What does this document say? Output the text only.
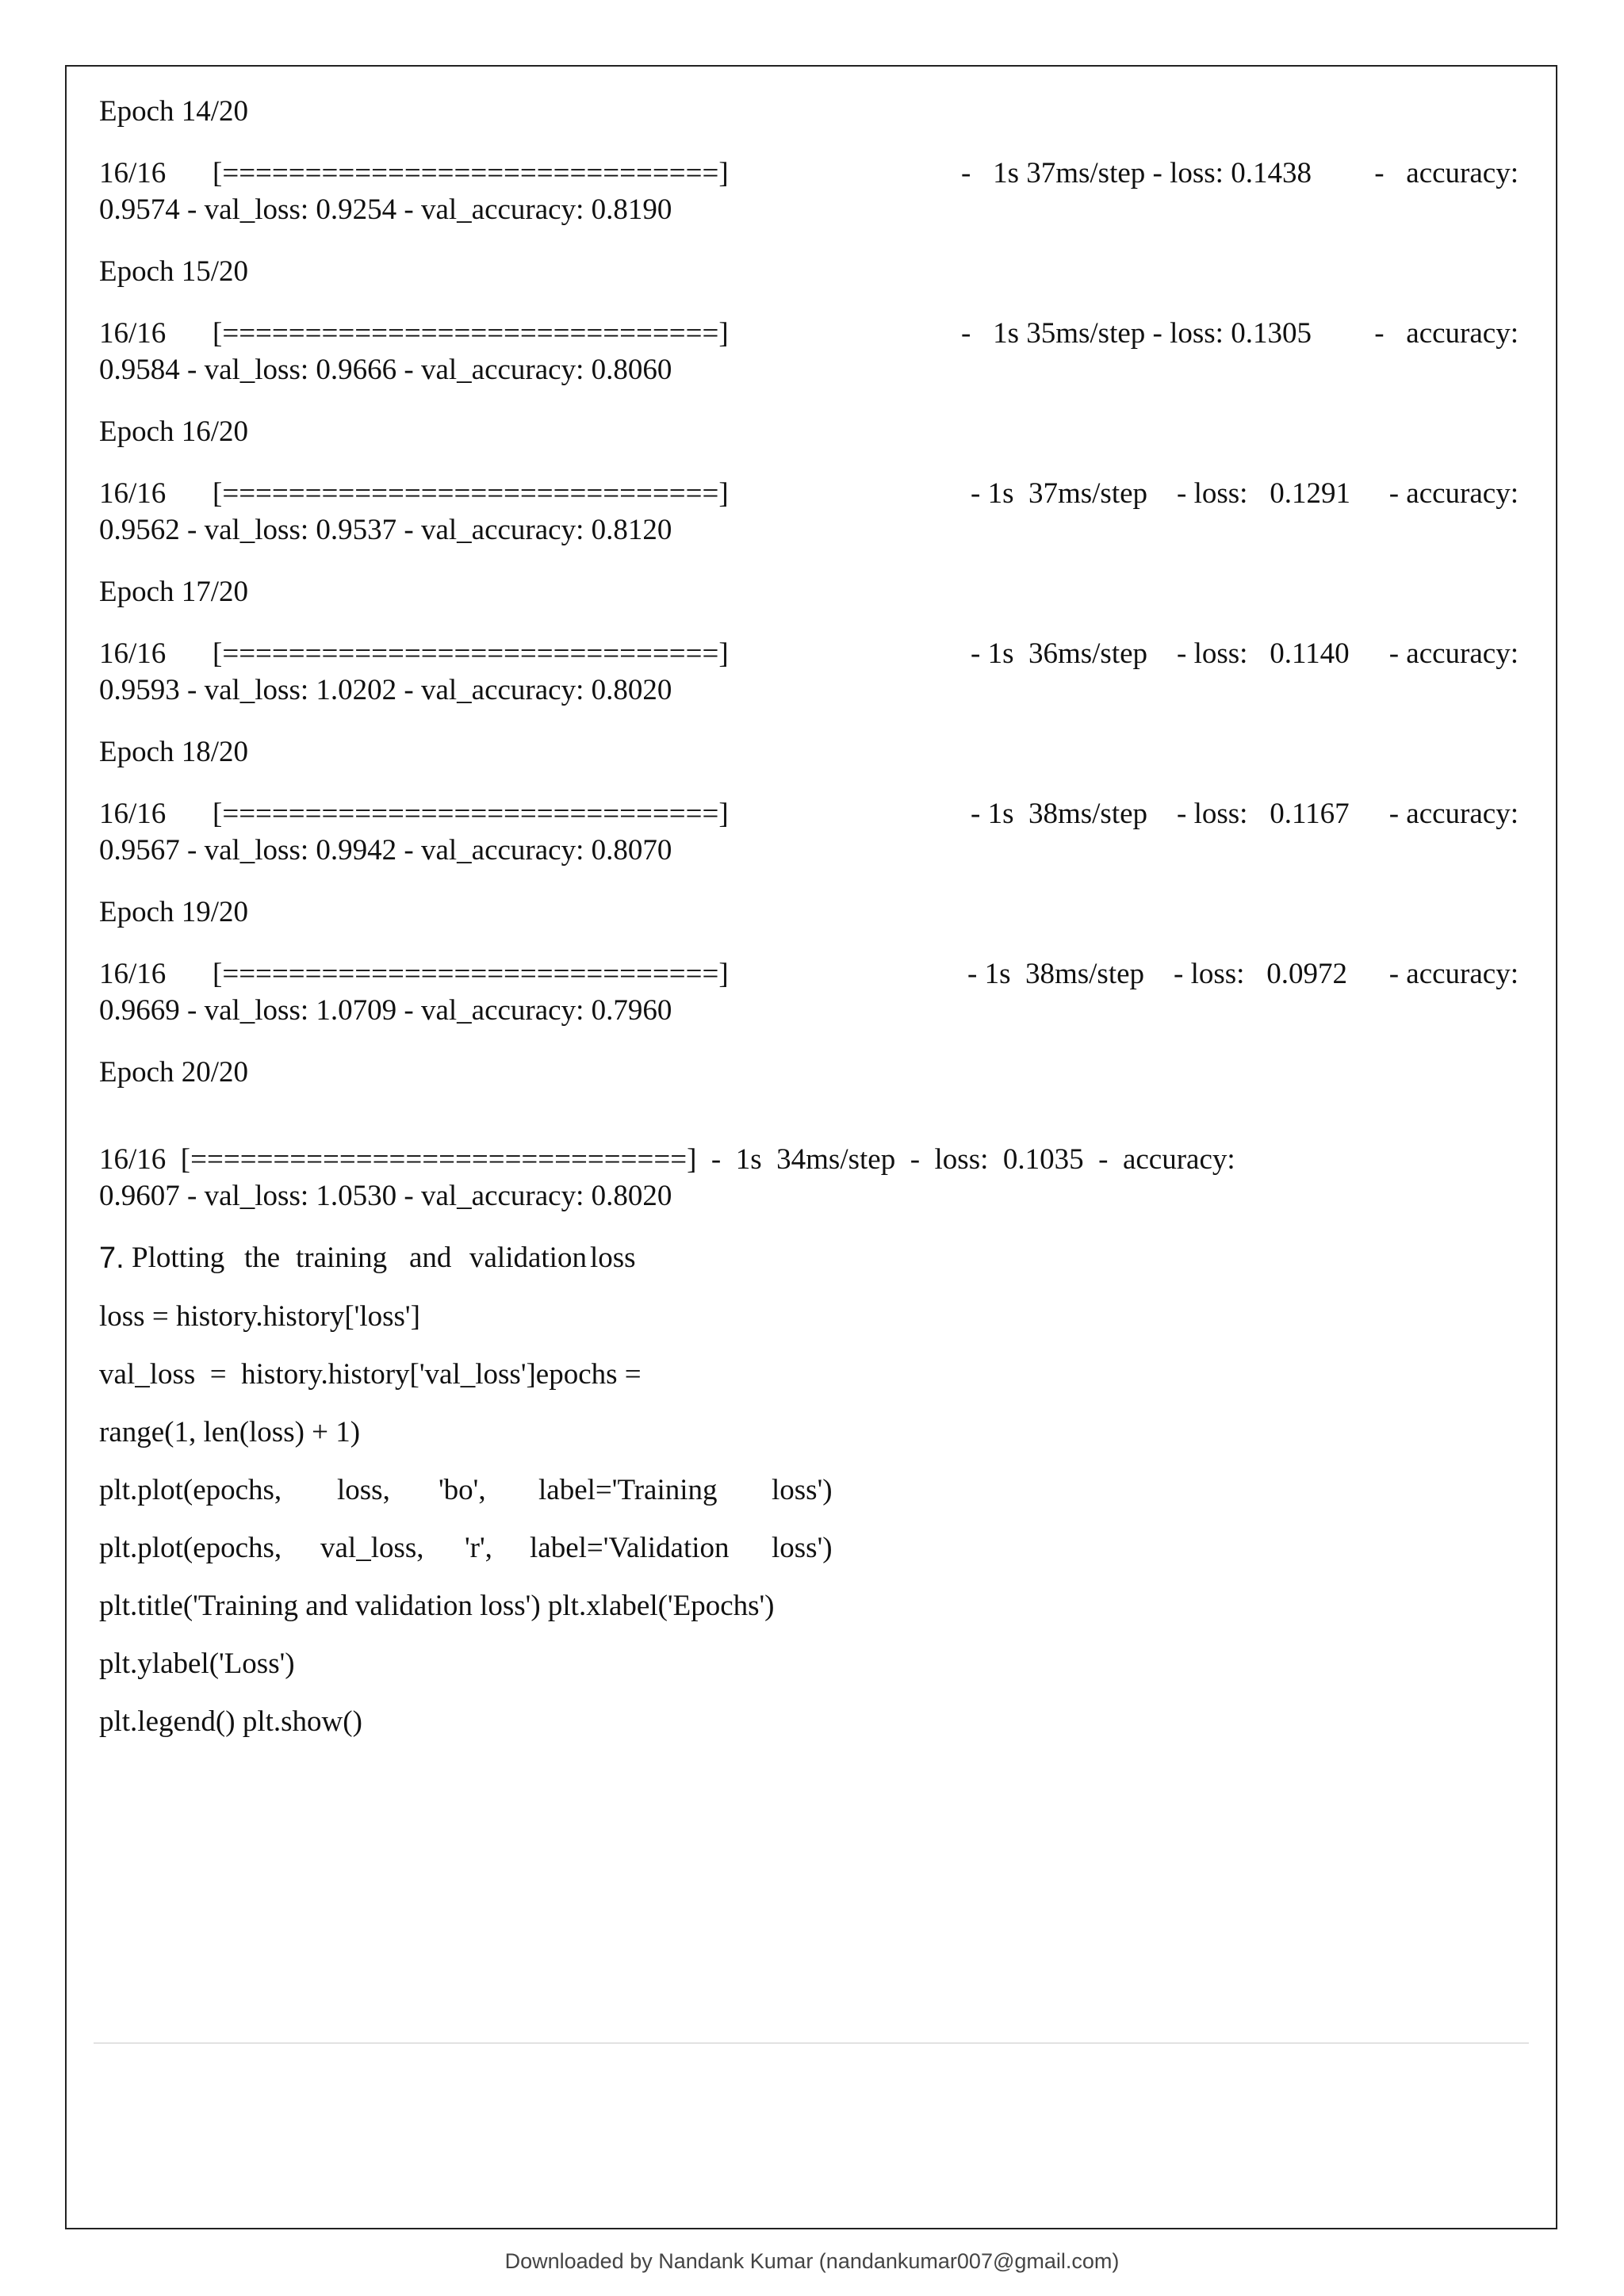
Epoch 14/20

16/16

[==============================]

	-   1s 37ms/step - loss: 0.1438

-   accuracy:

0.9574 - val_loss: 0.9254 - val_accuracy: 0.8190
Epoch 15/20

16/16

[==============================]

	-   1s 35ms/step - loss: 0.1305

-   accuracy:

0.9584 - val_loss: 0.9666 - val_accuracy: 0.8060
Epoch 16/20

16/16

[==============================]

	- 1s  37ms/step    - loss:   0.1291

- accuracy:

0.9562 - val_loss: 0.9537 - val_accuracy: 0.8120
Epoch 17/20

16/16

[==============================]

	- 1s  36ms/step    - loss:   0.1140

- accuracy:

0.9593 - val_loss: 1.0202 - val_accuracy: 0.8020
Epoch 18/20

16/16

[==============================]

	- 1s  38ms/step    - loss:   0.1167

- accuracy:

0.9567 - val_loss: 0.9942 - val_accuracy: 0.8070
Epoch 19/20

16/16

[==============================]

	- 1s  38ms/step    - loss:   0.0972

- accuracy:

0.9669 - val_loss: 1.0709 - val_accuracy: 0.7960
Epoch 20/20
16/16  [==============================]  -  1s  34ms/step  -  loss:  0.1035  -  accuracy:
0.9607 - val_loss: 1.0530 - val_accuracy: 0.8020
7. Plotting the training and validation loss
loss = history.history['loss']
val_loss  =  history.history['val_loss']epochs =
range(1, len(loss) + 1)
plt.plot(epochs, loss, 'bo', label='Training loss')
plt.plot(epochs, val_loss, 'r', label='Validation loss')
plt.title('Training and validation loss') plt.xlabel('Epochs')
plt.ylabel('Loss')
plt.legend() plt.show()
Downloaded by Nandank Kumar (nandankumar007@gmail.com)
